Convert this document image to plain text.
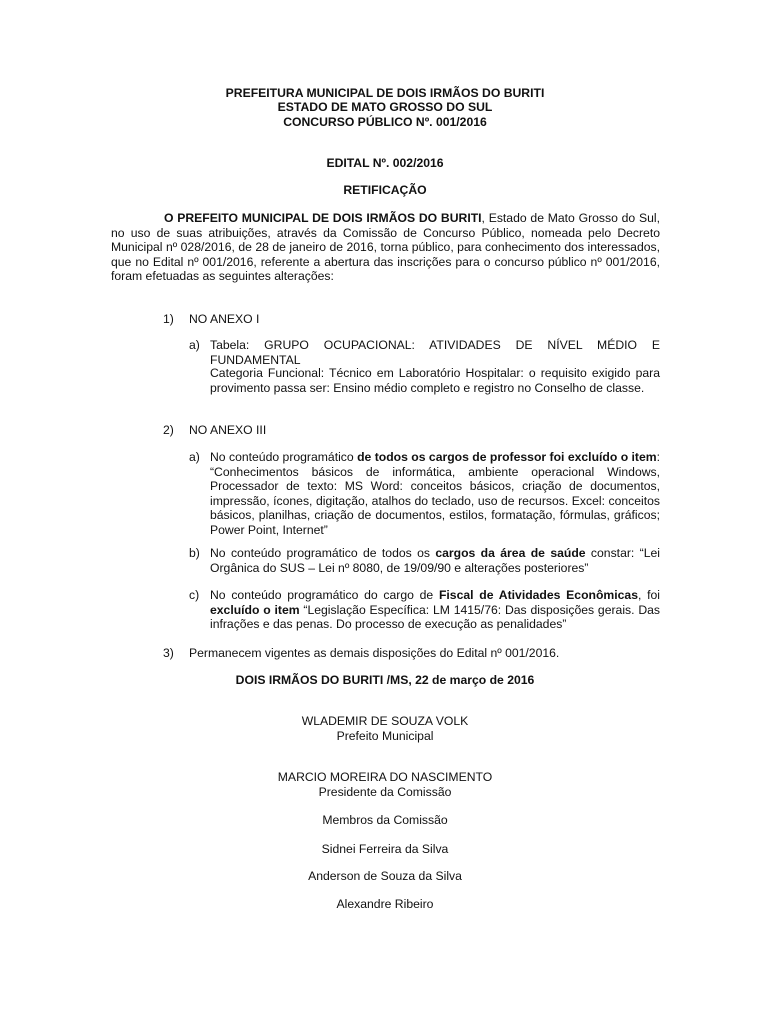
PREFEITURA MUNICIPAL DE DOIS IRMÃOS DO BURITI
ESTADO DE MATO GROSSO DO SUL
CONCURSO PÚBLICO Nº. 001/2016
EDITAL Nº. 002/2016
RETIFICAÇÃO
O PREFEITO MUNICIPAL DE DOIS IRMÃOS DO BURITI, Estado de Mato Grosso do Sul, no uso de suas atribuições, através da Comissão de Concurso Público, nomeada pelo Decreto Municipal nº 028/2016, de 28 de janeiro de 2016, torna público, para conhecimento dos interessados, que no Edital nº 001/2016, referente a abertura das inscrições para o concurso público nº 001/2016, foram efetuadas as seguintes alterações:
1) NO ANEXO I
a) Tabela: GRUPO OCUPACIONAL: ATIVIDADES DE NÍVEL MÉDIO E FUNDAMENTAL
Categoria Funcional: Técnico em Laboratório Hospitalar: o requisito exigido para provimento passa ser: Ensino médio completo e registro no Conselho de classe.
2) NO ANEXO III
a) No conteúdo programático de todos os cargos de professor foi excluído o item: “Conhecimentos básicos de informática, ambiente operacional Windows, Processador de texto: MS Word: conceitos básicos, criação de documentos, impressão, ícones, digitação, atalhos do teclado, uso de recursos. Excel: conceitos básicos, planilhas, criação de documentos, estilos, formatação, fórmulas, gráficos; Power Point, Internet”
b) No conteúdo programático de todos os cargos da área de saúde constar: “Lei Orgânica do SUS – Lei nº 8080, de 19/09/90 e alterações posteriores”
c) No conteúdo programático do cargo de Fiscal de Atividades Econômicas, foi excluído o item “Legislação Específica: LM 1415/76: Das disposições gerais. Das infrações e das penas. Do processo de execução as penalidades”
3) Permanecem vigentes as demais disposições do Edital nº 001/2016.
DOIS IRMÃOS DO BURITI /MS, 22 de março de 2016
WLADEMIR DE SOUZA VOLK
Prefeito Municipal
MARCIO MOREIRA DO NASCIMENTO
Presidente da Comissão
Membros da Comissão
Sidnei Ferreira da Silva
Anderson de Souza da Silva
Alexandre Ribeiro
